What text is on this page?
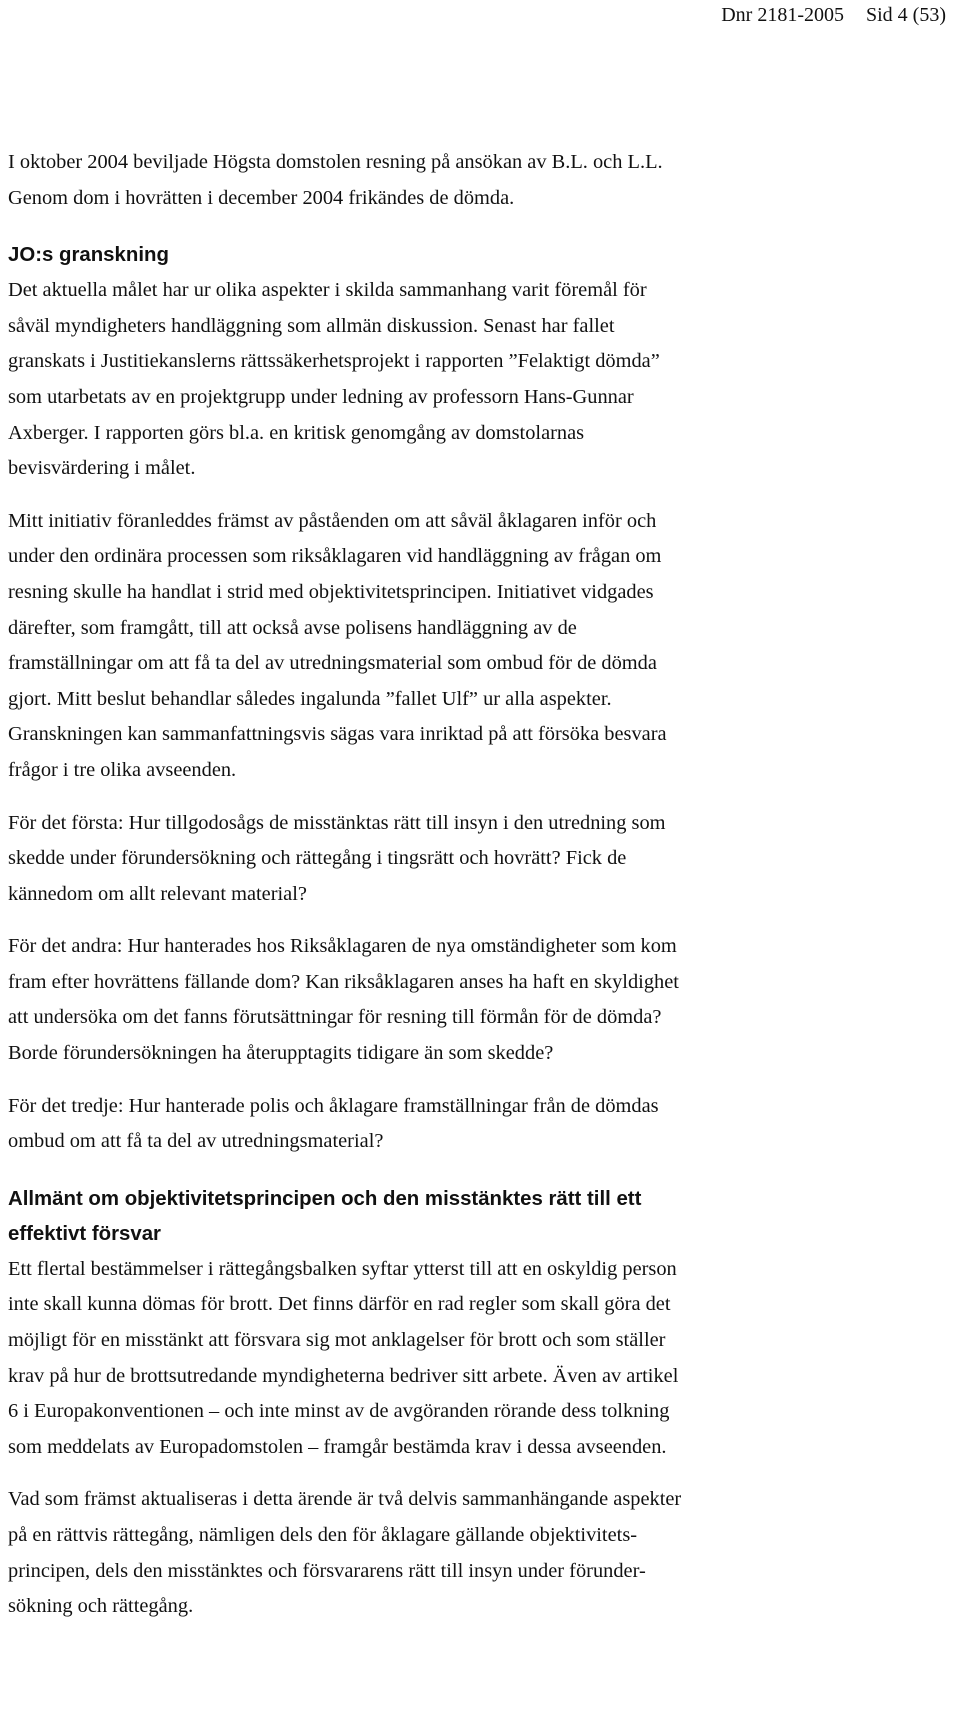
Dnr 2181-2005 Sid 4 (53)

I oktober 2004 beviljade Högsta domstolen resning på ansökan av B.L. och L.L.
Genom dom i hovrätten i december 2004 frikändes de dömda.

JO:s granskning

Det aktuella målet har ur olika aspekter i skilda sammanhang varit föremål för
såväl myndigheters handläggning som allmän diskussion. Senast har fallet
granskats i Justitiekanslerns rättssäkerhetsprojekt i rapporten ”Felaktigt dömda”
som utarbetats av en projektgrupp under ledning av professorn Hans-Gunnar
Axberger. I rapporten görs bl.a. en kritisk genomgång av domstolarnas
bevisvärdering i målet.

Mitt initiativ föranleddes främst av påståenden om att såväl åklagaren inför och
under den ordinära processen som riksåklagaren vid handläggning av frågan om
resning skulle ha handlat i strid med objektivitetsprincipen. Initiativet vidgades
därefter, som framgått, till att också avse polisens handläggning av de
framställningar om att få ta del av utredningsmaterial som ombud för de dömda
gjort. Mitt beslut behandlar således ingalunda ”fallet Ulf” ur alla aspekter.
Granskningen kan sammanfattningsvis sägas vara inriktad på att försöka besvara
frågor i tre olika avseenden.

För det första: Hur tillgodosågs de misstänktas rätt till insyn i den utredning som
skedde under förundersökning och rättegång i tingsrätt och hovrätt? Fick de
kännedom om allt relevant material?

För det andra: Hur hanterades hos Riksåklagaren de nya omständigheter som kom
fram efter hovrättens fällande dom? Kan riksåklagaren anses ha haft en skyldighet
att undersöka om det fanns förutsättningar för resning till förmån för de dömda?
Borde förundersökningen ha återupptagits tidigare än som skedde?

För det tredje: Hur hanterade polis och åklagare framställningar från de dömdas
ombud om att få ta del av utredningsmaterial?

Allmänt om objektivitetsprincipen och den misstänktes rätt till ett
effektivt försvar

Ett flertal bestämmelser i rättegångsbalken syftar ytterst till att en oskyldig person
inte skall kunna dömas för brott. Det finns därför en rad regler som skall göra det
möjligt för en misstänkt att försvara sig mot anklagelser för brott och som ställer
krav på hur de brottsutredande myndigheterna bedriver sitt arbete. Även av artikel
6 i Europakonventionen – och inte minst av de avgöranden rörande dess tolkning
som meddelats av Europadomstolen – framgår bestämda krav i dessa avseenden.

Vad som främst aktualiseras i detta ärende är två delvis sammanhängande aspekter
på en rättvis rättegång, nämligen dels den för åklagare gällande objektivitets-
principen, dels den misstänktes och försvararens rätt till insyn under förunder-
sökning och rättegång.
